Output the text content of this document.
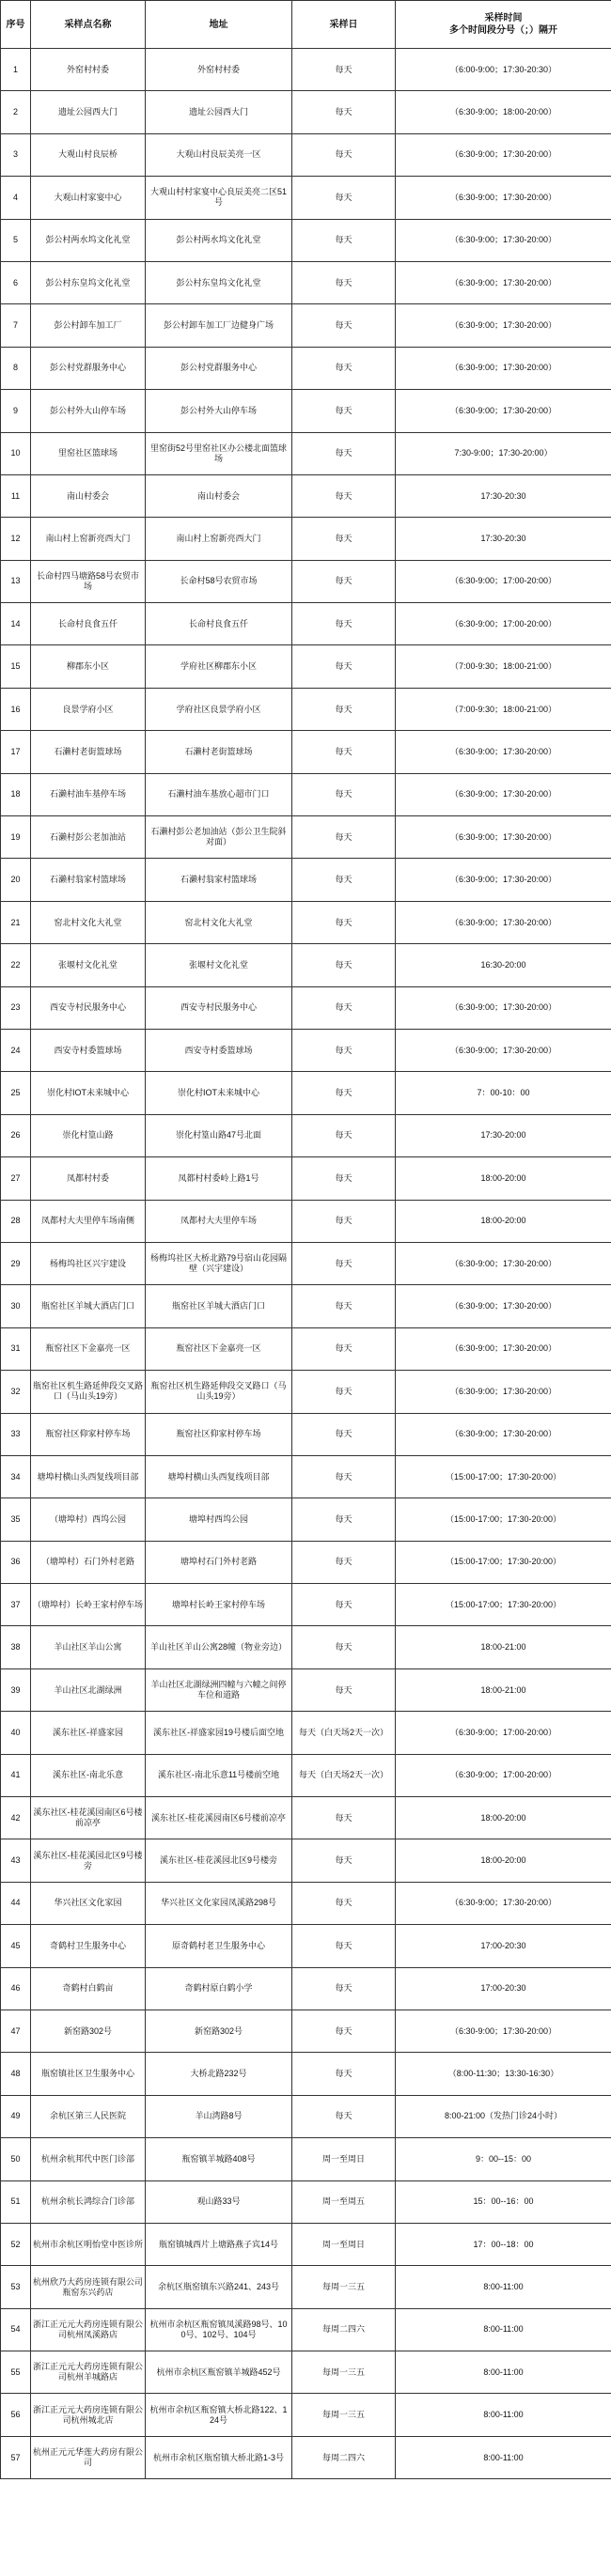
序号	采样点名称	地址	采样日	采样时间
多个时间段分号（；）隔开

1	外窑村村委	外窑村村委	每天	（6:00-9:00；17:30-20:30）
2	遗址公园西大门	遗址公园西大门	每天	（6:30-9:00；18:00-20:00）
3	大观山村良辰桥	大观山村良辰美亮一区	每天	（6:30-9:00；17:30-20:00）
4	大观山村家宴中心	大观山村村家宴中心良辰美亮二区51号	每天	（6:30-9:00；17:30-20:00）
5	彭公村两水坞文化礼堂	彭公村两水坞文化礼堂	每天	（6:30-9:00；17:30-20:00）
6	彭公村东皇坞文化礼堂	彭公村东皇坞文化礼堂	每天	（6:30-9:00；17:30-20:00）
7	彭公村卸车加工厂	彭公村卸车加工厂边健身广场	每天	（6:30-9:00；17:30-20:00）
8	彭公村党群服务中心	彭公村党群服务中心	每天	（6:30-9:00；17:30-20:00）
9	彭公村外大山停车场	彭公村外大山停车场	每天	（6:30-9:00；17:30-20:00）
10	里窑社区篮球场	里窑街52号里窑社区办公楼北面篮球场	每天	7:30-9:00；17:30-20:00）
11	南山村委会	南山村委会	每天	17:30-20:30
12	南山村上窑新亮西大门	南山村上窑新亮西大门	每天	17:30-20:30
13	长命村四马塘路58号农贸市场	长命村58号农贸市场	每天	（6:30-9:00；17:00-20:00）
14	长命村良食五仟	长命村良食五仟	每天	（6:30-9:00；17:00-20:00）
15	柳郡东小区	学府社区柳郡东小区	每天	（7:00-9:30；18:00-21:00）
16	良景学府小区	学府社区良景学府小区	每天	（7:00-9:30；18:00-21:00）
17	石濑村老街篮球场	石濑村老街篮球场	每天	（6:30-9:00；17:30-20:00）
18	石濑村油车基停车场	石濑村油车基放心超市门口	每天	（6:30-9:00；17:30-20:00）
19	石濑村彭公老加油站	石濑村彭公老加油站（彭公卫生院斜对面）	每天	（6:30-9:00；17:30-20:00）
20	石濑村翁家村篮球场	石濑村翁家村篮球场	每天	（6:30-9:00；17:30-20:00）
21	窑北村文化大礼堂	窑北村文化大礼堂	每天	（6:30-9:00；17:30-20:00）
22	张堰村文化礼堂	张堰村文化礼堂	每天	16:30-20:00
23	西安寺村民服务中心	西安寺村民服务中心	每天	（6:30-9:00；17:30-20:00）
24	西安寺村委篮球场	西安寺村委篮球场	每天	（6:30-9:00；17:30-20:00）
25	崇化村IOT未来城中心	崇化村IOT未来城中心	每天	7：00-10：00
26	崇化村篁山路	崇化村篁山路47号北面	每天	17:30-20:00
27	凤都村村委	凤都村村委岭上路1号	每天	18:00-20:00
28	凤都村大夫里停车场南侧	凤都村大夫里停车场	每天	18:00-20:00
29	杨梅坞社区兴宇建设	杨梅坞社区大桥北路79号宿山花园隔壁（兴宇建设）	每天	（6:30-9:00；17:30-20:00）
30	瓶窑社区羊城大酒店门口	瓶窑社区羊城大酒店门口	每天	（6:30-9:00；17:30-20:00）
31	瓶窑社区下金嘉亮一区	瓶窑社区下金嘉亮一区	每天	（6:30-9:00；17:30-20:00）
32	瓶窑社区机生路延伸段交叉路口（马山头19旁）	瓶窑社区机生路延伸段交叉路口（马山头19旁）	每天	（6:30-9:00；17:30-20:00）
33	瓶窑社区仰家村停车场	瓶窑社区仰家村停车场	每天	（6:30-9:00；17:30-20:00）
34	塘埠村横山头西复线项目部	塘埠村横山头西复线项目部	每天	（15:00-17:00；17:30-20:00）
35	（塘埠村）西坞公园	塘埠村西坞公园	每天	（15:00-17:00；17:30-20:00）
36	（塘埠村）石门外村老路	塘埠村石门外村老路	每天	（15:00-17:00；17:30-20:00）
37	（塘埠村）长岭王家村停车场	塘埠村长岭王家村停车场	每天	（15:00-17:00；17:30-20:00）
38	羊山社区羊山公寓	羊山社区羊山公寓28幢（物业旁边）	每天	18:00-21:00
39	羊山社区北湖绿洲	羊山社区北湖绿洲四幢与六幢之间停车位和道路	每天	18:00-21:00
40	溪东社区-祥盛家园	溪东社区-祥盛家园19号楼后面空地	每天（白天场2天一次）	（6:30-9:00；17:00-20:00）
41	溪东社区-南北乐意	溪东社区-南北乐意11号楼前空地	每天（白天场2天一次）	（6:30-9:00；17:00-20:00）
42	溪东社区-桂花溪园南区6号楼前凉亭	溪东社区-桂花溪园南区6号楼前凉亭	每天	18:00-20:00
43	溪东社区-桂花溪园北区9号楼旁	溪东社区-桂花溪园北区9号楼旁	每天	18:00-20:00
44	华兴社区文化家园	华兴社区文化家园凤溪路298号	每天	（6:30-9:00；17:30-20:00）
45	奇鹤村卫生服务中心	原奇鹤村老卫生服务中心	每天	17:00-20:30
46	奇鹤村白鹤亩	奇鹤村原白鹤小学	每天	17:00-20:30
47	新窑路302号	新窑路302号	每天	（6:30-9:00；17:30-20:00）
48	瓶窑镇社区卫生服务中心	大桥北路232号	每天	（8:00-11:30；13:30-16:30）
49	余杭区第三人民医院	羊山湾路8号	每天	8:00-21:00（发热门诊24小时）
50	杭州余杭邦代中医门诊部	瓶窑镇羊城路408号	周一至周日	9：00--15：00
51	杭州余杭长鸿综合门诊部	观山路33号	周一至周五	15：00--16：00
52	杭州市余杭区明怡堂中医诊所	瓶窑镇城西片上塘路燕子宾14号	周一至周日	17：00--18：00
53	杭州欣乃大药房连锁有限公司瓶窑东兴药店	余杭区瓶窑镇东兴路241、243号	每周一三五	8:00-11:00
54	浙江正元元大药房连锁有限公司杭州凤溪路店	杭州市余杭区瓶窑镇凤溪路98号、100号、102号、104号	每周二四六	8:00-11:00
55	浙江正元元大药房连锁有限公司杭州羊城路店	杭州市余杭区瓶窑镇羊城路452号	每周一三五	8:00-11:00
56	浙江正元元大药房连锁有限公司杭州城北店	杭州市余杭区瓶窑镇大桥北路122、124号	每周一三五	8:00-11:00
57	杭州正元元华莲大药房有限公司	杭州市余杭区瓶窑镇大桥北路1-3号	每周二四六	8:00-11:00
